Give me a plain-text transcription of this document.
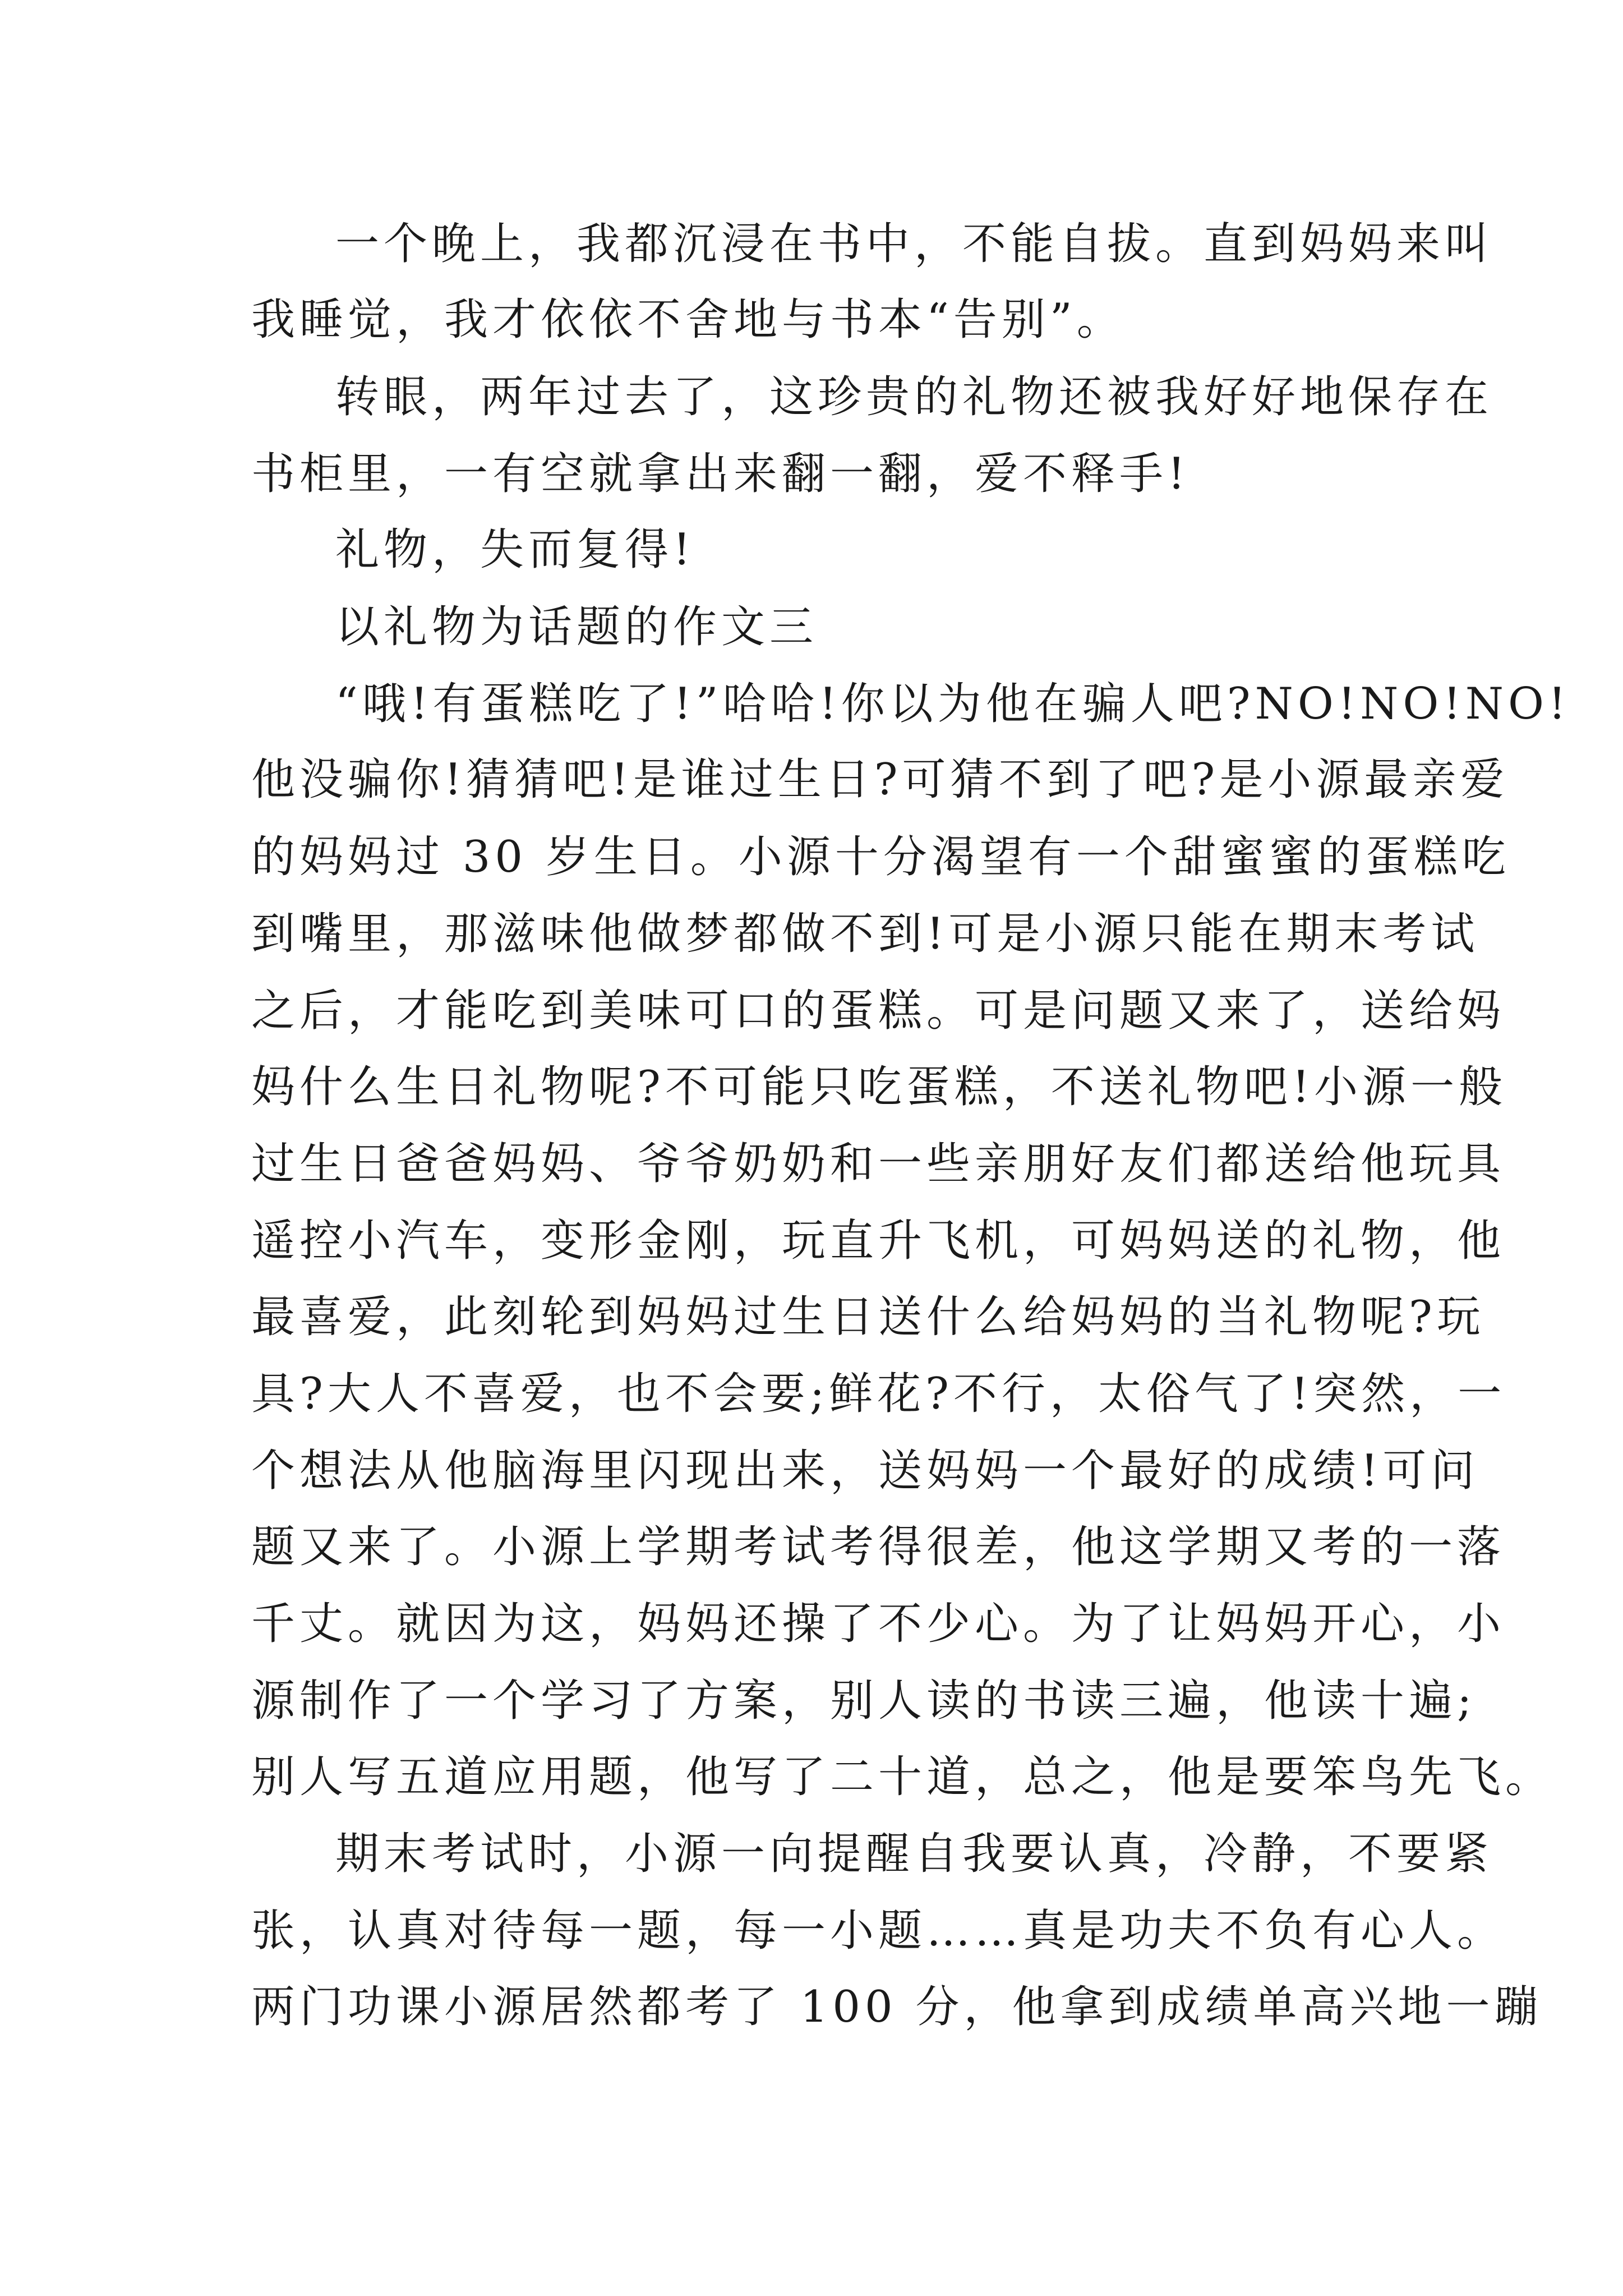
一个晚上，我都沉浸在书中，不能自拔。直到妈妈来叫
我睡觉，我才依依不舍地与书本“告别”。
转眼，两年过去了，这珍贵的礼物还被我好好地保存在
书柜里，一有空就拿出来翻一翻，爱不释手!
礼物，失而复得!
以礼物为话题的作文三
“哦!有蛋糕吃了!”哈哈!你以为他在骗人吧?NO!NO!NO!
他没骗你!猜猜吧!是谁过生日?可猜不到了吧?是小源最亲爱
的妈妈过 30 岁生日。小源十分渴望有一个甜蜜蜜的蛋糕吃
到嘴里，那滋味他做梦都做不到!可是小源只能在期末考试
之后，才能吃到美味可口的蛋糕。可是问题又来了，送给妈
妈什么生日礼物呢?不可能只吃蛋糕，不送礼物吧!小源一般
过生日爸爸妈妈、爷爷奶奶和一些亲朋好友们都送给他玩具
遥控小汽车，变形金刚，玩直升飞机，可妈妈送的礼物，他
最喜爱，此刻轮到妈妈过生日送什么给妈妈的当礼物呢?玩
具?大人不喜爱，也不会要;鲜花?不行，太俗气了!突然，一
个想法从他脑海里闪现出来，送妈妈一个最好的成绩!可问
题又来了。小源上学期考试考得很差，他这学期又考的一落
千丈。就因为这，妈妈还操了不少心。为了让妈妈开心，小
源制作了一个学习了方案，别人读的书读三遍，他读十遍;
别人写五道应用题，他写了二十道，总之，他是要笨鸟先飞。
期末考试时，小源一向提醒自我要认真，冷静，不要紧
张，认真对待每一题，每一小题……真是功夫不负有心人。
两门功课小源居然都考了 100 分，他拿到成绩单高兴地一蹦
